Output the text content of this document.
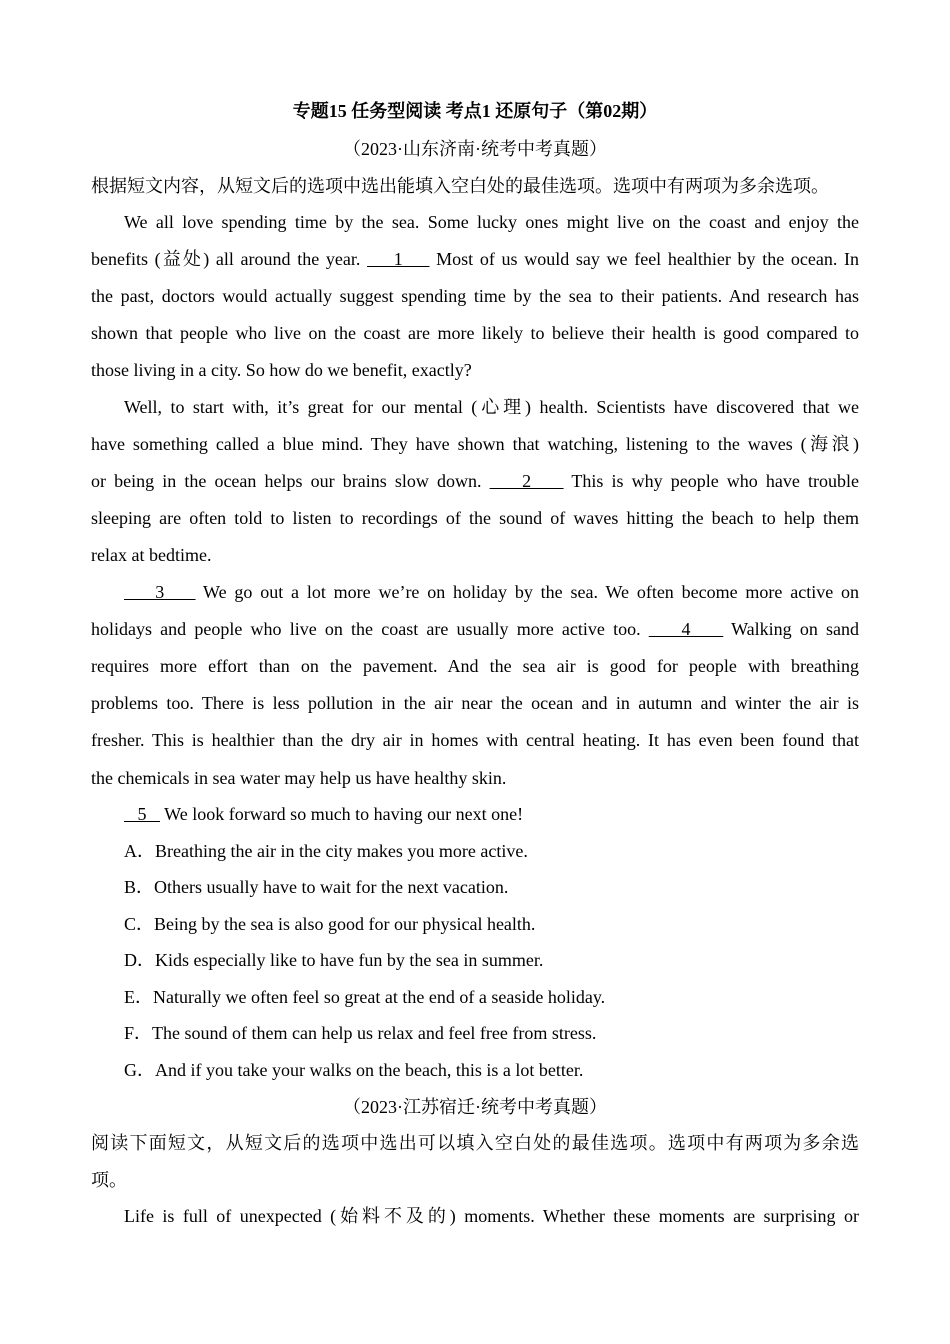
专题15 任务型阅读 考点1 还原句子（第02期）
（2023·山东济南·统考中考真题）
根据短文内容，从短文后的选项中选出能填入空白处的最佳选项。选项中有两项为多余选项。
We all love spending time by the sea. Some lucky ones might live on the coast and enjoy the
benefits (益处) all around the year.     1     Most of us would say we feel healthier by the ocean. In
the past, doctors would actually suggest spending time by the sea to their patients. And research has
shown that people who live on the coast are more likely to believe their health is good compared to
those living in a city. So how do we benefit, exactly?
Well, to start with, it’s great for our mental (心理) health. Scientists have discovered that we
have something called a blue mind. They have shown that watching, listening to the waves (海浪)
or being in the ocean helps our brains slow down.     2     This is why people who have trouble
sleeping are often told to listen to recordings of the sound of waves hitting the beach to help them
relax at bedtime.
3     We go out a lot more we’re on holiday by the sea. We often become more active on
holidays and people who live on the coast are usually more active too.     4     Walking on sand
requires more effort than on the pavement. And the sea air is good for people with breathing
problems too. There is less pollution in the air near the ocean and in autumn and winter the air is
fresher. This is healthier than the dry air in homes with central heating. It has even been found that
the chemicals in sea water may help us have healthy skin.
5    We look forward so much to having our next one!
A．Breathing the air in the city makes you more active.
B．Others usually have to wait for the next vacation.
C．Being by the sea is also good for our physical health.
D．Kids especially like to have fun by the sea in summer.
E．Naturally we often feel so great at the end of a seaside holiday.
F．The sound of them can help us relax and feel free from stress.
G．And if you take your walks on the beach, this is a lot better.
（2023·江苏宿迁·统考中考真题）
阅读下面短文，从短文后的选项中选出可以填入空白处的最佳选项。选项中有两项为多余选
项。
Life is full of unexpected (始料不及的) moments. Whether these moments are surprising or
